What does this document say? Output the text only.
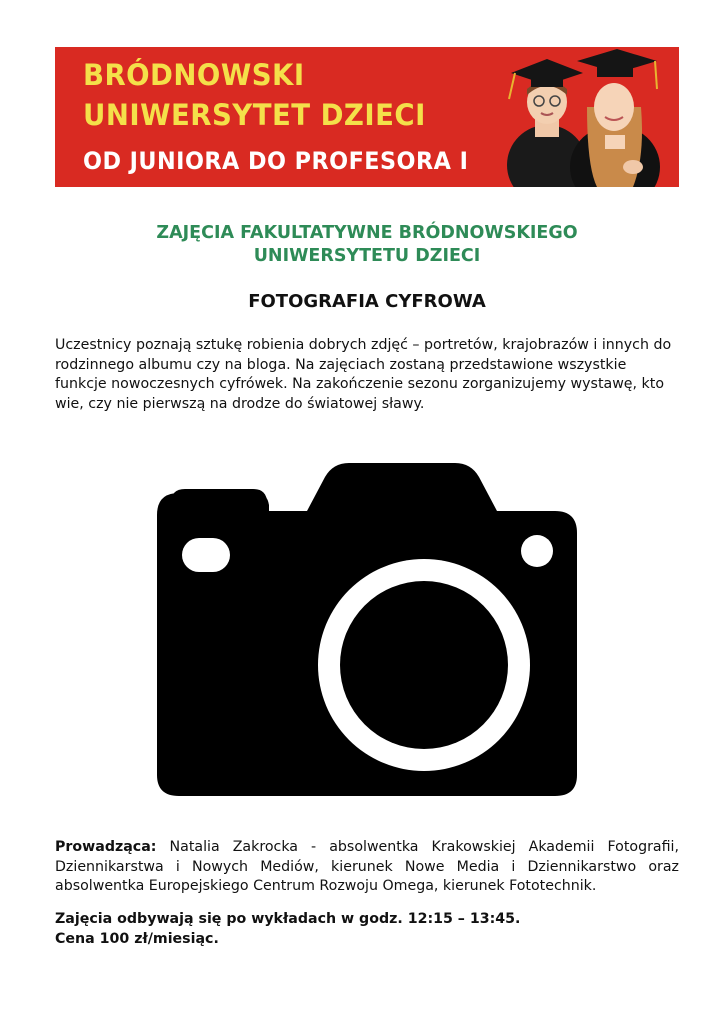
BRÓDNOWSKI
UNIWERSYTET DZIECI
OD JUNIORA DO PROFESORA I
ZAJĘCIA FAKULTATYWNE BRÓDNOWSKIEGO
UNIWERSYTETU DZIECI
FOTOGRAFIA CYFROWA

Uczestnicy poznają sztukę robienia dobrych zdjęć – portretów, krajobrazów i innych do rodzinnego albumu czy na bloga. Na zajęciach zostaną przedstawione wszystkie funkcje nowoczesnych cyfrówek. Na zakończenie sezonu zorganizujemy wystawę, kto wie, czy nie pierwszą na drodze do światowej sławy.

Prowadząca: Natalia Zakrocka - absolwentka Krakowskiej Akademii Fotografii, Dziennikarstwa i Nowych Mediów, kierunek Nowe Media i Dziennikarstwo oraz absolwentka Europejskiego Centrum Rozwoju Omega, kierunek Fototechnik.

Zajęcia odbywają się po wykładach w godz. 12:15 – 13:45.
Cena 100 zł/miesiąc.
